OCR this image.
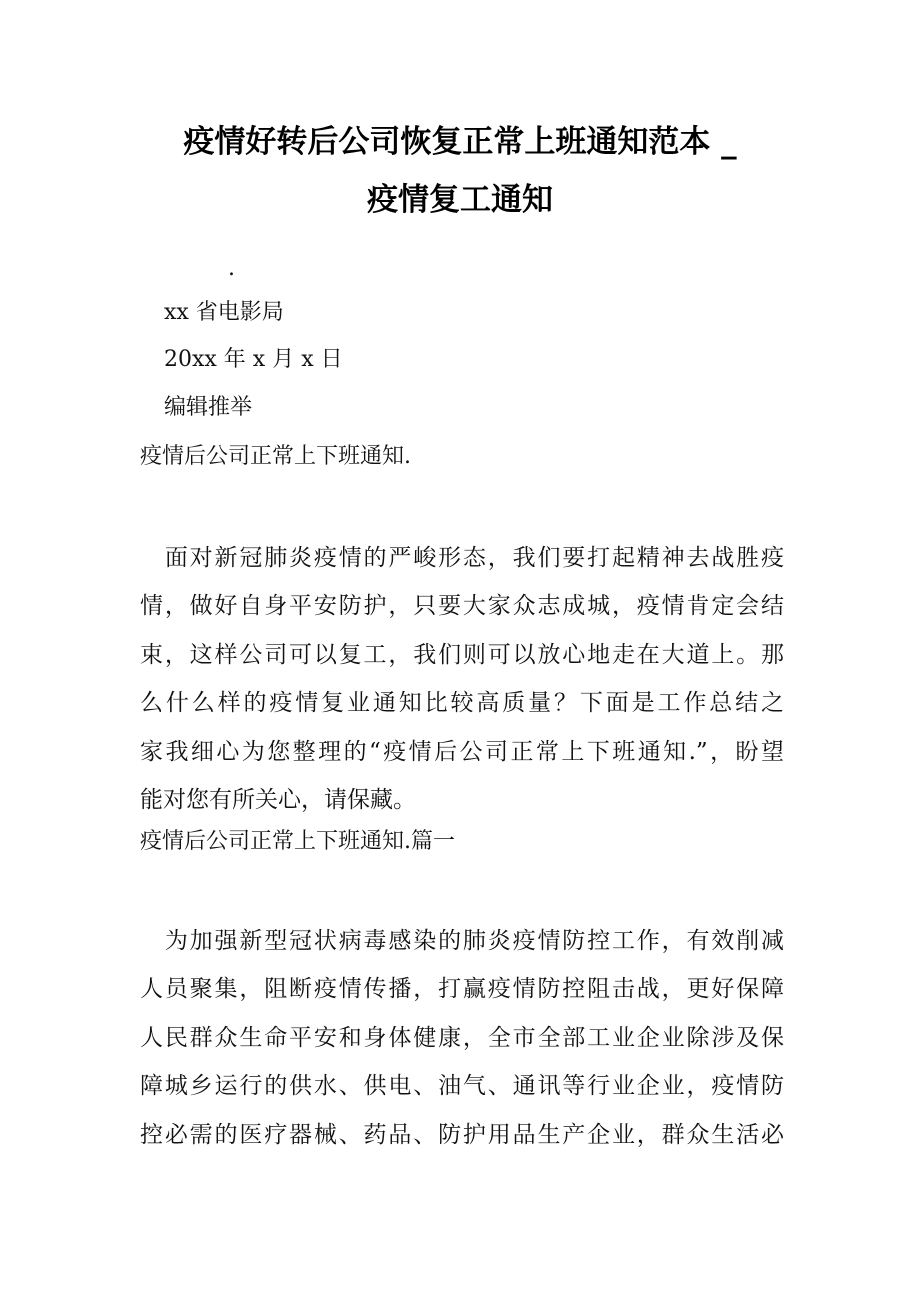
疫情好转后公司恢复正常上班通知范本 _
疫情复工通知
.
xx 省电影局
20xx 年 x 月 x 日
编辑推举
疫情后公司正常上下班通知.
　面对新冠肺炎疫情的严峻形态，我们要打起精神去战胜疫
情，做好自身平安防护，只要大家众志成城，疫情肯定会结
束，这样公司可以复工，我们则可以放心地走在大道上。那
么什么样的疫情复业通知比较高质量？下面是工作总结之
家我细心为您整理的“疫情后公司正常上下班通知.”，盼望
能对您有所关心，请保藏。
疫情后公司正常上下班通知.篇一
　为加强新型冠状病毒感染的肺炎疫情防控工作，有效削减
人员聚集，阻断疫情传播，打赢疫情防控阻击战，更好保障
人民群众生命平安和身体健康，全市全部工业企业除涉及保
障城乡运行的供水、供电、油气、通讯等行业企业，疫情防
控必需的医疗器械、药品、防护用品生产企业，群众生活必
